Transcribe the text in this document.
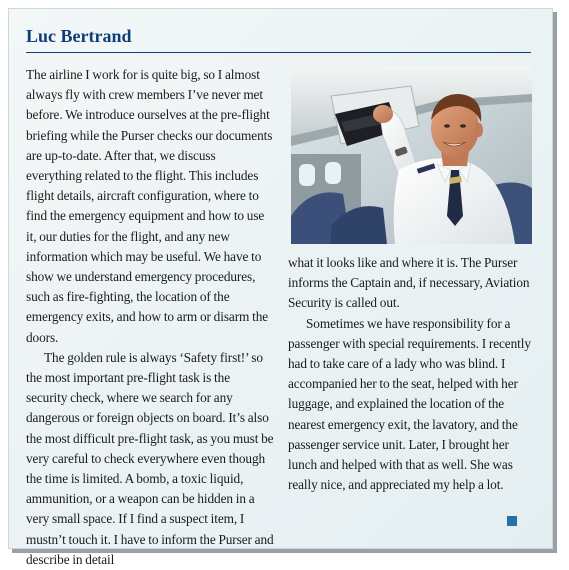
Luc Bertrand

The airline I work for is quite big, so I almost always fly with crew members I’ve never met before. We introduce ourselves at the pre-flight briefing while the Purser checks our documents are up-to-date. After that, we discuss everything related to the flight. This includes flight details, aircraft configuration, where to find the emergency equipment and how to use it, our duties for the flight, and any new information which may be useful. We have to show we understand emergency procedures, such as fire-fighting, the location of the emergency exits, and how to arm or disarm the doors.

The golden rule is always ‘Safety first!’ so the most important pre-flight task is the security check, where we search for any dangerous or foreign objects on board. It’s also the most difficult pre-flight task, as you must be very careful to check everywhere even though the time is limited. A bomb, a toxic liquid, ammunition, or a weapon can be hidden in a very small space. If I find a suspect item, I mustn’t touch it. I have to inform the Purser and describe in detail

what it looks like and where it is. The Purser informs the Captain and, if necessary, Aviation Security is called out.

Sometimes we have responsibility for a passenger with special requirements. I recently had to take care of a lady who was blind. I accompanied her to the seat, helped with her luggage, and explained the location of the nearest emergency exit, the lavatory, and the passenger service unit. Later, I brought her lunch and helped with that as well. She was really nice, and appreciated my help a lot.
